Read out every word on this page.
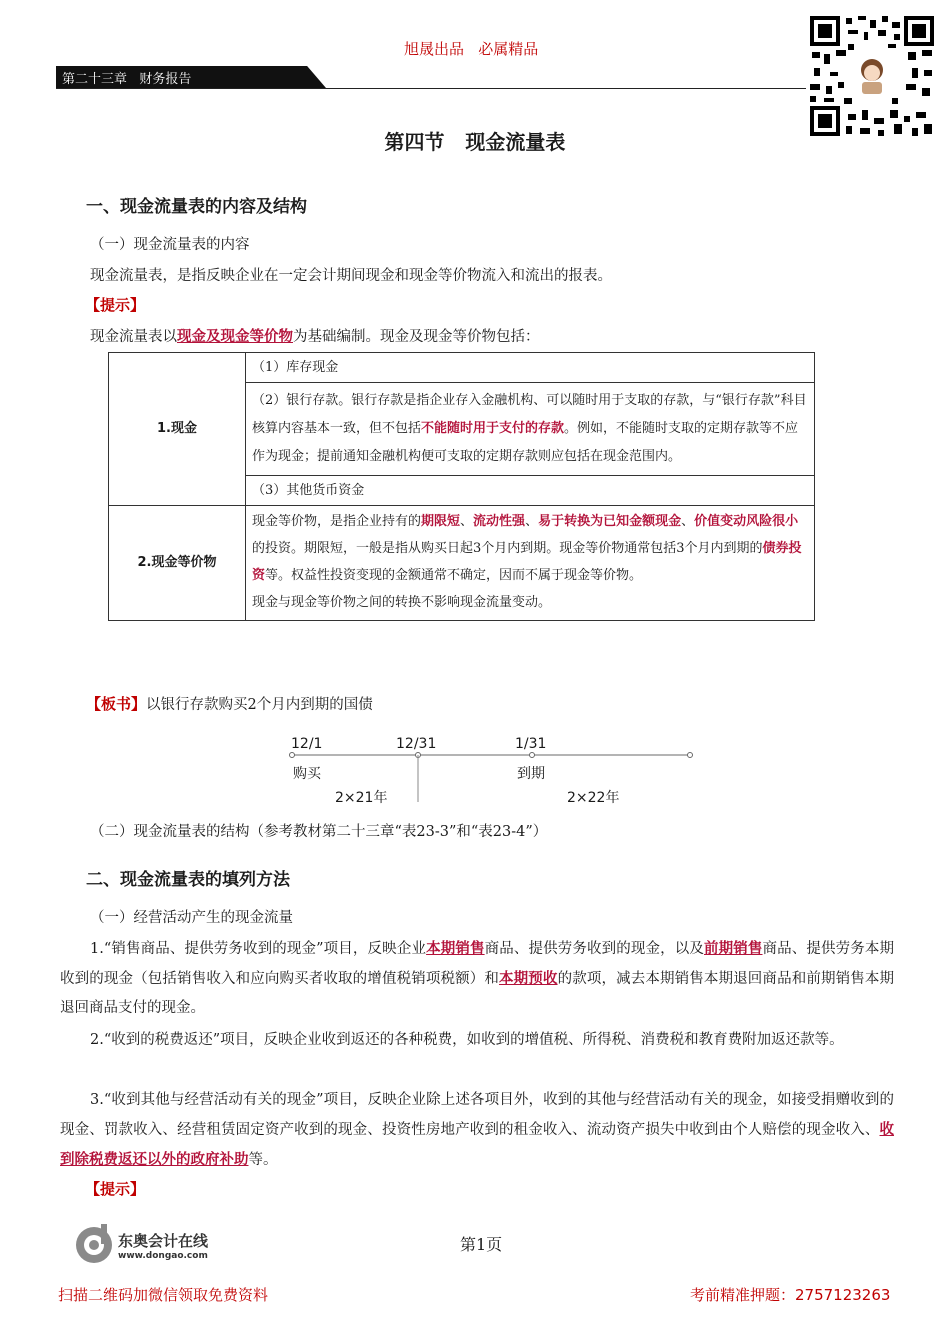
旭晟出品   必属精品
第二十三章   财务报告
第四节   现金流量表
一、现金流量表的内容及结构
（一）现金流量表的内容
现金流量表，是指反映企业在一定会计期间现金和现金等价物流入和流出的报表。
【提示】
现金流量表以现金及现金等价物为基础编制。现金及现金等价物包括：
1.现金	（1）库存现金
	（2）银行存款。银行存款是指企业存入金融机构、可以随时用于支取的存款，与“银行存款”科目核算内容基本一致，但不包括不能随时用于支付的存款。例如，不能随时支取的定期存款等不应作为现金；提前通知金融机构便可支取的定期存款则应包括在现金范围内。
	（3）其他货币资金
2.现金等价物	现金等价物，是指企业持有的期限短、流动性强、易于转换为已知金额现金、价值变动风险很小的投资。期限短，一般是指从购买日起3个月内到期。现金等价物通常包括3个月内到期的债券投资等。权益性投资变现的金额通常不确定，因而不属于现金等价物。
现金与现金等价物之间的转换不影响现金流量变动。
【板书】以银行存款购买2个月内到期的国债
12/1	12/31	1/31
购买	到期
2×21年	2×22年
（二）现金流量表的结构（参考教材第二十三章“表23-3”和“表23-4”）
二、现金流量表的填列方法
（一）经营活动产生的现金流量
1.“销售商品、提供劳务收到的现金”项目，反映企业本期销售商品、提供劳务收到的现金，以及前期销售商品、提供劳务本期收到的现金（包括销售收入和应向购买者收取的增值税销项税额）和本期预收的款项，减去本期销售本期退回商品和前期销售本期退回商品支付的现金。
2.“收到的税费返还”项目，反映企业收到返还的各种税费，如收到的增值税、所得税、消费税和教育费附加返还款等。
3.“收到其他与经营活动有关的现金”项目，反映企业除上述各项目外，收到的其他与经营活动有关的现金，如接受捐赠收到的现金、罚款收入、经营租赁固定资产收到的现金、投资性房地产收到的租金收入、流动资产损失中收到由个人赔偿的现金收入、收到除税费返还以外的政府补助等。
【提示】
东奥会计在线
www.dongao.com
第1页
扫描二维码加微信领取免费资料	考前精准押题：2757123263
